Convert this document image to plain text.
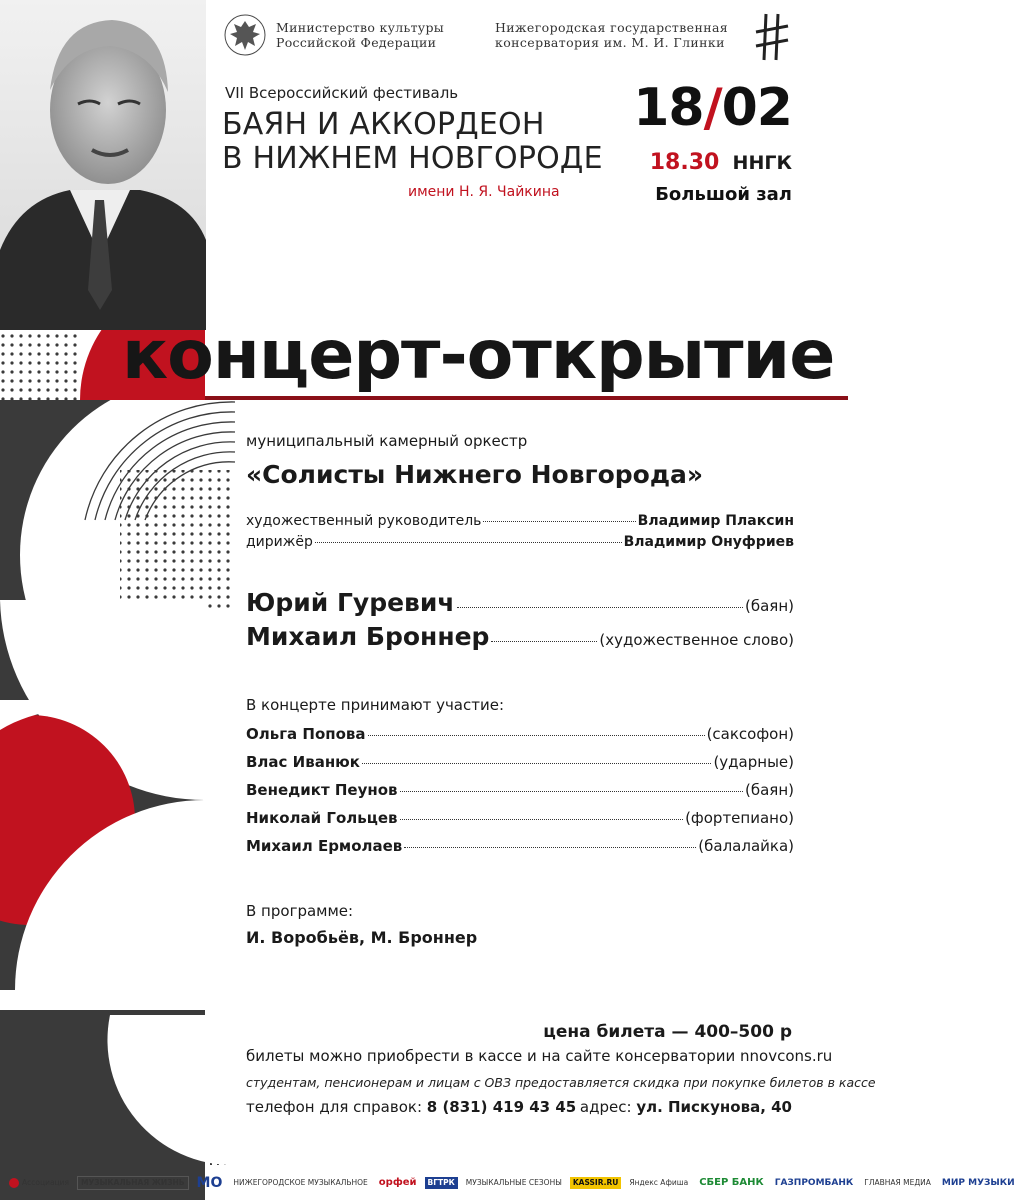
Министерство культуры
Российской Федерации
Нижегородская государственная
консерватория им. М. И. Глинки
VII Всероссийский фестиваль
БАЯН И АККОРДЕОН
В НИЖНЕМ НОВГОРОДЕ
имени Н. Я. Чайкина
18/02
18.30 ННГК
Большой зал
концерт-открытие
муниципальный камерный оркестр
«Солисты Нижнего Новгорода»
художественный руководитель	Владимир Плаксин
дирижёр	Владимир Онуфриев
Юрий Гуревич	(баян)
Михаил Броннер	(художественное слово)
В концерте принимают участие:
Ольга Попова	(саксофон)
Влас Иванюк	(ударные)
Венедикт Пеунов	(баян)
Николай Гольцев	(фортепиано)
Михаил Ермолаев	(балалайка)
В программе:
И. Воробьёв, М. Броннер
цена билета — 400–500 р
билеты можно приобрести в кассе и на сайте консерватории nnovcons.ru
студентам, пенсионерам и лицам с ОВЗ предоставляется скидка при покупке билетов в кассе
телефон для справок: 8 (831) 419 43 45 адрес: ул. Пискунова, 40
Ассоциация	МУЗЫКАЛЬНАЯ ЖИЗНЬ МО	НИЖЕГОРОДСКОЕ МУЗЫКАЛЬНОЕ	орфей	ВГТРК	МУЗЫКАЛЬНЫЕ СЕЗОНЫ	KASSIR.RU	Яндекс Афиша	СБЕР БАНК	ГАЗПРОМБАНК	ГЛАВНАЯ МЕДИА	МИР МУЗЫКИ
